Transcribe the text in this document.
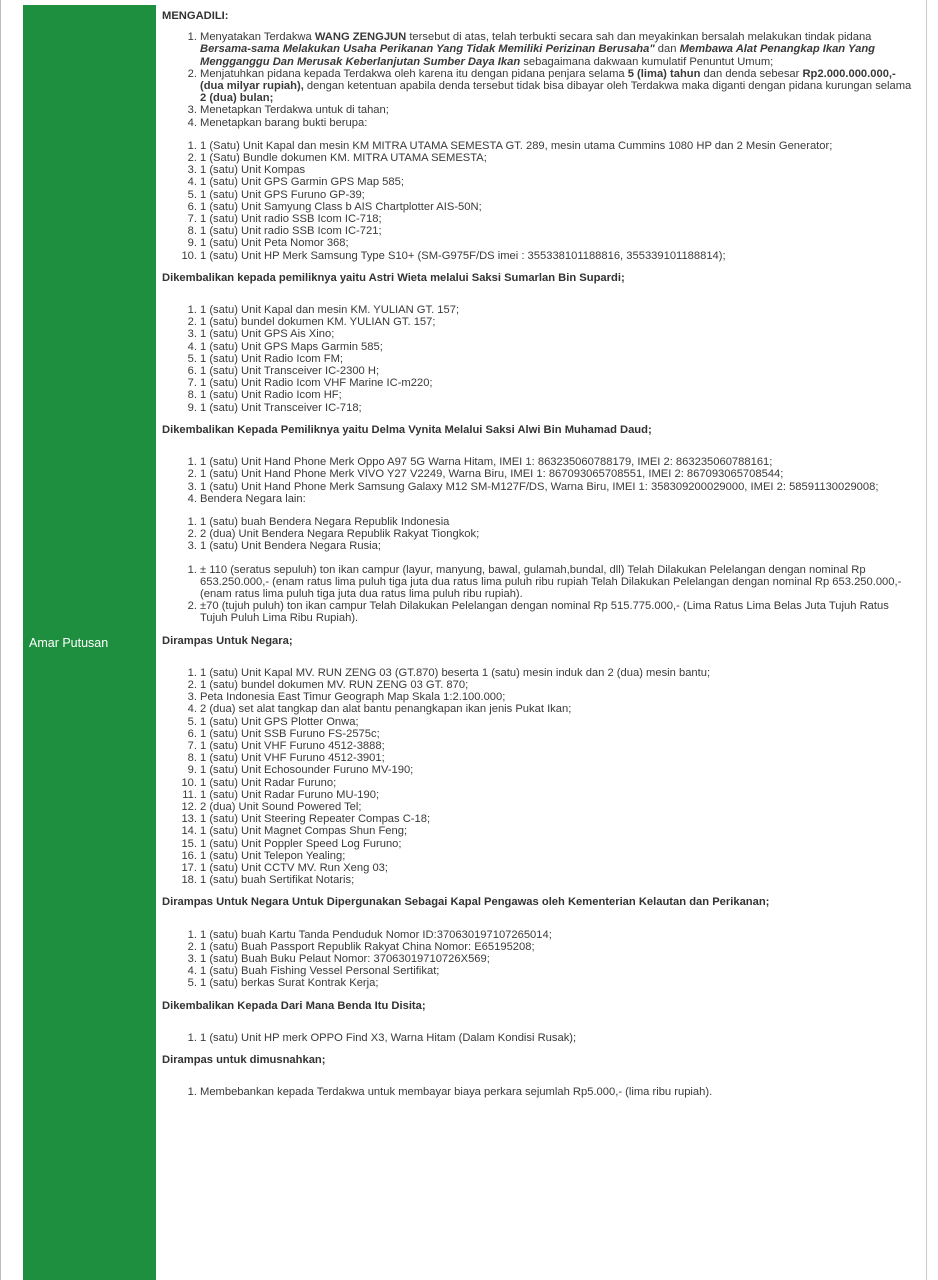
Amar Putusan
MENGADILI:
1. Menyatakan Terdakwa WANG ZENGJUN tersebut di atas, telah terbukti secara sah dan meyakinkan bersalah melakukan tindak pidana Bersama-sama Melakukan Usaha Perikanan Yang Tidak Memiliki Perizinan Berusaha" dan Membawa Alat Penangkap Ikan Yang Mengganggu Dan Merusak Keberlanjutan Sumber Daya Ikan sebagaimana dakwaan kumulatif Penuntut Umum;
2. Menjatuhkan pidana kepada Terdakwa oleh karena itu dengan pidana penjara selama 5 (lima) tahun dan denda sebesar Rp2.000.000.000,- (dua milyar rupiah), dengan ketentuan apabila denda tersebut tidak bisa dibayar oleh Terdakwa maka diganti dengan pidana kurungan selama 2 (dua) bulan;
3. Menetapkan Terdakwa untuk di tahan;
4. Menetapkan barang bukti berupa:
1. 1 (Satu) Unit Kapal dan mesin KM MITRA UTAMA SEMESTA GT. 289, mesin utama Cummins 1080 HP dan 2 Mesin Generator;
2. 1 (Satu) Bundle dokumen KM. MITRA UTAMA SEMESTA;
3. 1 (satu) Unit Kompas
4. 1 (satu) Unit GPS Garmin GPS Map 585;
5. 1 (satu) Unit GPS Furuno GP-39;
6. 1 (satu) Unit Samyung Class b AIS Chartplotter AIS-50N;
7. 1 (satu) Unit radio SSB Icom IC-718;
8. 1 (satu) Unit radio SSB Icom IC-721;
9. 1 (satu) Unit Peta Nomor 368;
10. 1 (satu) Unit HP Merk Samsung Type S10+ (SM-G975F/DS imei : 355338101188816, 355339101188814);
Dikembalikan kepada pemiliknya yaitu Astri Wieta melalui Saksi Sumarlan Bin Supardi;
1. 1 (satu) Unit Kapal dan mesin KM. YULIAN GT. 157;
2. 1 (satu) bundel dokumen KM. YULIAN GT. 157;
3. 1 (satu) Unit GPS Ais Xino;
4. 1 (satu) Unit GPS Maps Garmin 585;
5. 1 (satu) Unit Radio Icom FM;
6. 1 (satu) Unit Transceiver IC-2300 H;
7. 1 (satu) Unit Radio Icom VHF Marine IC-m220;
8. 1 (satu) Unit Radio Icom HF;
9. 1 (satu) Unit Transceiver IC-718;
Dikembalikan Kepada Pemiliknya yaitu Delma Vynita Melalui Saksi Alwi Bin Muhamad Daud;
1. 1 (satu) Unit Hand Phone Merk Oppo A97 5G Warna Hitam, IMEI 1: 863235060788179, IMEI 2: 863235060788161;
2. 1 (satu) Unit Hand Phone Merk VIVO Y27 V2249, Warna Biru, IMEI 1: 867093065708551, IMEI 2: 867093065708544;
3. 1 (satu) Unit Hand Phone Merk Samsung Galaxy M12 SM-M127F/DS, Warna Biru, IMEI 1: 358309200029000, IMEI 2: 58591130029008;
4. Bendera Negara lain:
1. 1 (satu) buah Bendera Negara Republik Indonesia
2. 2 (dua) Unit Bendera Negara Republik Rakyat Tiongkok;
3. 1 (satu) Unit Bendera Negara Rusia;
1. ± 110 (seratus sepuluh) ton ikan campur (layur, manyung, bawal, gulamah,bundal, dll) Telah Dilakukan Pelelangan dengan nominal Rp 653.250.000,- (enam ratus lima puluh tiga juta dua ratus lima puluh ribu rupiah Telah Dilakukan Pelelangan dengan nominal Rp 653.250.000,- (enam ratus lima puluh tiga juta dua ratus lima puluh ribu rupiah).
2. ±70 (tujuh puluh) ton ikan campur Telah Dilakukan Pelelangan dengan nominal Rp 515.775.000,- (Lima Ratus Lima Belas Juta Tujuh Ratus Tujuh Puluh Lima Ribu Rupiah).
Dirampas Untuk Negara;
1. 1 (satu) Unit Kapal MV. RUN ZENG 03 (GT.870) beserta 1 (satu) mesin induk dan 2 (dua) mesin bantu;
2. 1 (satu) bundel dokumen MV. RUN ZENG 03 GT. 870;
3. Peta Indonesia East Timur Geograph Map Skala 1:2.100.000;
4. 2 (dua) set alat tangkap dan alat bantu penangkapan ikan jenis Pukat Ikan;
5. 1 (satu) Unit GPS Plotter Onwa;
6. 1 (satu) Unit SSB Furuno FS-2575c;
7. 1 (satu) Unit VHF Furuno 4512-3888;
8. 1 (satu) Unit VHF Furuno 4512-3901;
9. 1 (satu) Unit Echosounder Furuno MV-190;
10. 1 (satu) Unit Radar Furuno;
11. 1 (satu) Unit Radar Furuno MU-190;
12. 2 (dua) Unit Sound Powered Tel;
13. 1 (satu) Unit Steering Repeater Compas C-18;
14. 1 (satu) Unit Magnet Compas Shun Feng;
15. 1 (satu) Unit Poppler Speed Log Furuno;
16. 1 (satu) Unit Telepon Yealing;
17. 1 (satu) Unit CCTV MV. Run Xeng 03;
18. 1 (satu) buah Sertifikat Notaris;
Dirampas Untuk Negara Untuk Dipergunakan Sebagai Kapal Pengawas oleh Kementerian Kelautan dan Perikanan;
1. 1 (satu) buah Kartu Tanda Penduduk Nomor ID:370630197107265014;
2. 1 (satu) Buah Passport Republik Rakyat China Nomor: E65195208;
3. 1 (satu) Buah Buku Pelaut Nomor: 37063019710726X569;
4. 1 (satu) Buah Fishing Vessel Personal Sertifikat;
5. 1 (satu) berkas Surat Kontrak Kerja;
Dikembalikan Kepada Dari Mana Benda Itu Disita;
1. 1 (satu) Unit HP merk OPPO Find X3, Warna Hitam (Dalam Kondisi Rusak);
Dirampas untuk dimusnahkan;
1. Membebankan kepada Terdakwa untuk membayar biaya perkara sejumlah Rp5.000,- (lima ribu rupiah).
